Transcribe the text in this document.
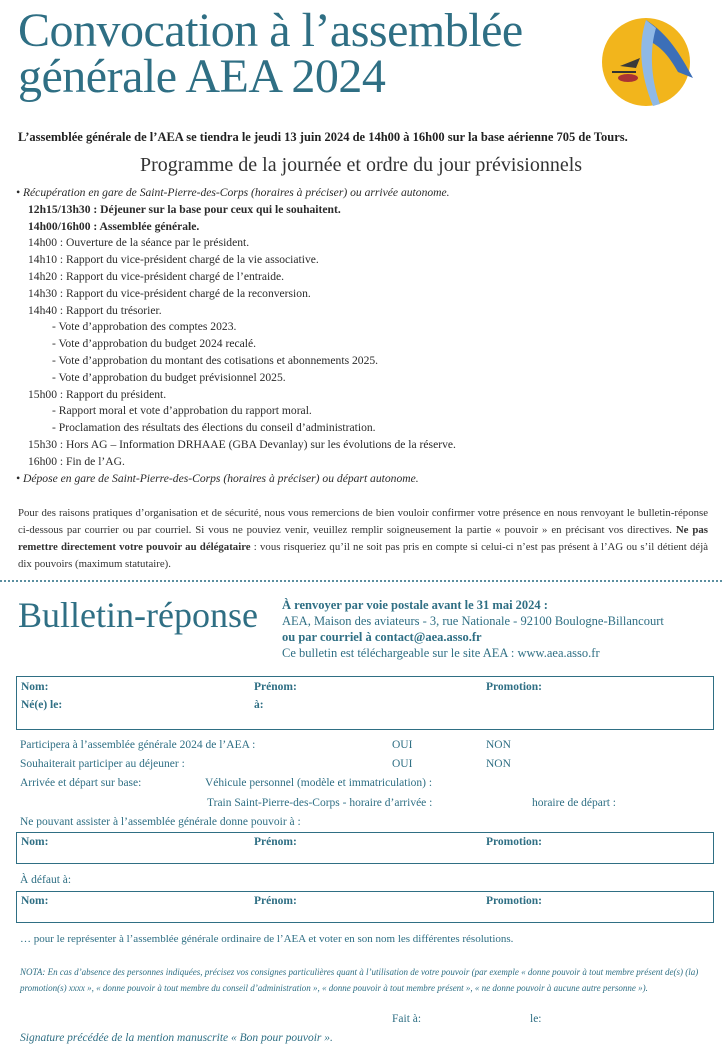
Convocation à l’assemblée
générale AEA 2024
L’assemblée générale de l’AEA se tiendra le jeudi 13 juin 2024 de 14h00 à 16h00 sur la base aérienne 705 de Tours.
Programme de la journée et ordre du jour prévisionnels
• Récupération en gare de Saint-Pierre-des-Corps (horaires à préciser) ou arrivée autonome.
12h15/13h30 : Déjeuner sur la base pour ceux qui le souhaitent.
14h00/16h00 : Assemblée générale.
14h00 : Ouverture de la séance par le président.
14h10 : Rapport du vice-président chargé de la vie associative.
14h20 : Rapport du vice-président chargé de l’entraide.
14h30 : Rapport du vice-président chargé de la reconversion.
14h40 : Rapport du trésorier.
- Vote d’approbation des comptes 2023.
- Vote d’approbation du budget 2024 recalé.
- Vote d’approbation du montant des cotisations et abonnements 2025.
- Vote d’approbation du budget prévisionnel 2025.
15h00 : Rapport du président.
- Rapport moral et vote d’approbation du rapport moral.
- Proclamation des résultats des élections du conseil d’administration.
15h30 : Hors AG – Information DRHAAE (GBA Devanlay) sur les évolutions de la réserve.
16h00 : Fin de l’AG.
• Dépose en gare de Saint-Pierre-des-Corps (horaires à préciser) ou départ autonome.
Pour des raisons pratiques d’organisation et de sécurité, nous vous remercions de bien vouloir confirmer votre présence en nous renvoyant le bulletin-réponse ci-dessous par courrier ou par courriel. Si vous ne pouviez venir, veuillez remplir soigneusement la partie « pouvoir » en précisant vos directives. Ne pas remettre directement votre pouvoir au délégataire : vous risqueriez qu’il ne soit pas pris en compte si celui-ci n’est pas présent à l’AG ou s’il détient déjà dix pouvoirs (maximum statutaire).
Bulletin-réponse À renvoyer par voie postale avant le 31 mai 2024 :
AEA, Maison des aviateurs - 3, rue Nationale - 92100 Boulogne-Billancourt
ou par courriel à contact@aea.asso.fr
Ce bulletin est téléchargeable sur le site AEA : www.aea.asso.fr
Nom:	Prénom:	Promotion:
Né(e) le:	à:
Participera à l’assemblée générale 2024 de l’AEA :	OUI	NON
Souhaiterait participer au déjeuner :	OUI	NON
Arrivée et départ sur base:	Véhicule personnel (modèle et immatriculation) :
Train Saint-Pierre-des-Corps - horaire d’arrivée :	horaire de départ :
Ne pouvant assister à l’assemblée générale donne pouvoir à :
Nom:	Prénom:	Promotion:
À défaut à:
Nom:	Prénom:	Promotion:
… pour le représenter à l’assemblée générale ordinaire de l’AEA et voter en son nom les différentes résolutions.
NOTA: En cas d’absence des personnes indiquées, précisez vos consignes particulières quant à l’utilisation de votre pouvoir (par exemple « donne pouvoir à tout membre présent de(s) (la) promotion(s) xxxx », « donne pouvoir à tout membre du conseil d’administration », « donne pouvoir à tout membre présent », « ne donne pouvoir à aucune autre personne »).
Fait à:	le:
Signature précédée de la mention manuscrite « Bon pour pouvoir ».
